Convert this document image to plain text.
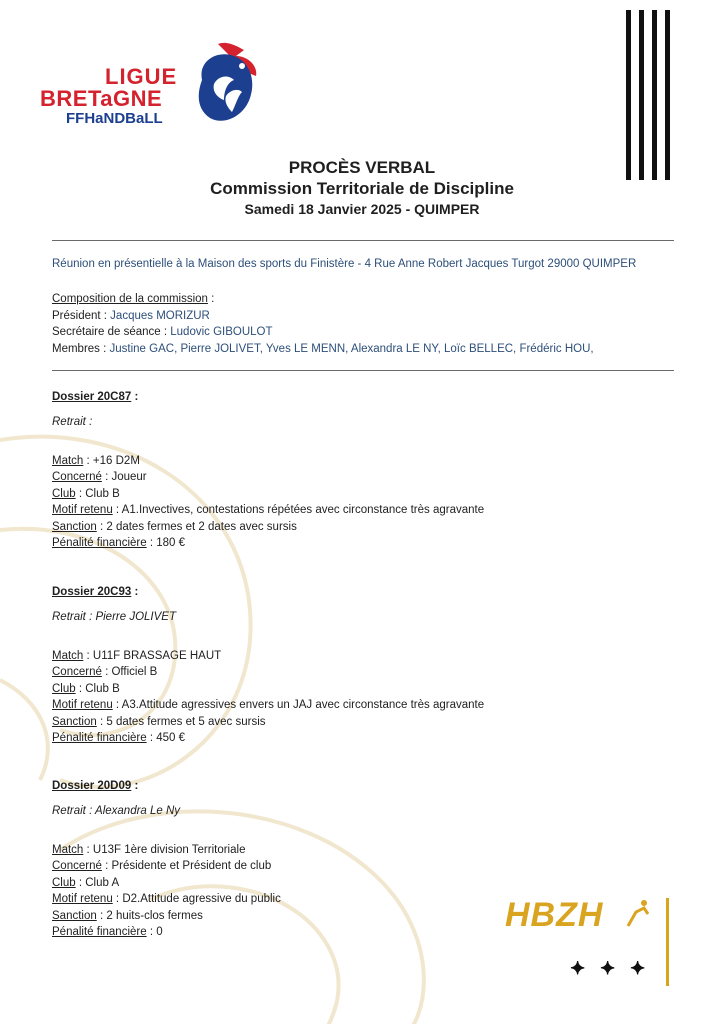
LIGUE
BRETaGNE
FFHaNDBaLL
PROCÈS VERBAL
Commission Territoriale de Discipline
Samedi 18 Janvier 2025 - QUIMPER
Réunion en présentielle à la Maison des sports du Finistère - 4 Rue Anne Robert Jacques Turgot 29000 QUIMPER
Composition de la commission :
Président : Jacques MORIZUR
Secrétaire de séance : Ludovic GIBOULOT
Membres : Justine GAC, Pierre JOLIVET, Yves LE MENN, Alexandra LE NY, Loïc BELLEC, Frédéric HOU,
Dossier 20C87 :
Retrait :
Match : +16 D2M
Concerné : Joueur
Club : Club B
Motif retenu : A1.Invectives, contestations répétées avec circonstance très agravante
Sanction : 2 dates fermes et 2 dates avec sursis
Pénalité financière : 180 €
Dossier 20C93 :
Retrait : Pierre JOLIVET
Match : U11F BRASSAGE HAUT
Concerné : Officiel B
Club : Club B
Motif retenu : A3.Attitude agressives envers un JAJ avec circonstance très agravante
Sanction : 5 dates fermes et 5 avec sursis
Pénalité financière : 450 €
Dossier 20D09 :
Retrait : Alexandra Le Ny
Match : U13F 1ère division Territoriale
Concerné : Présidente et Président de club
Club : Club A
Motif retenu : D2.Attitude agressive du public
Sanction : 2 huits-clos fermes
Pénalité financière : 0	HBZH
⯌ ⯌ ⯌
